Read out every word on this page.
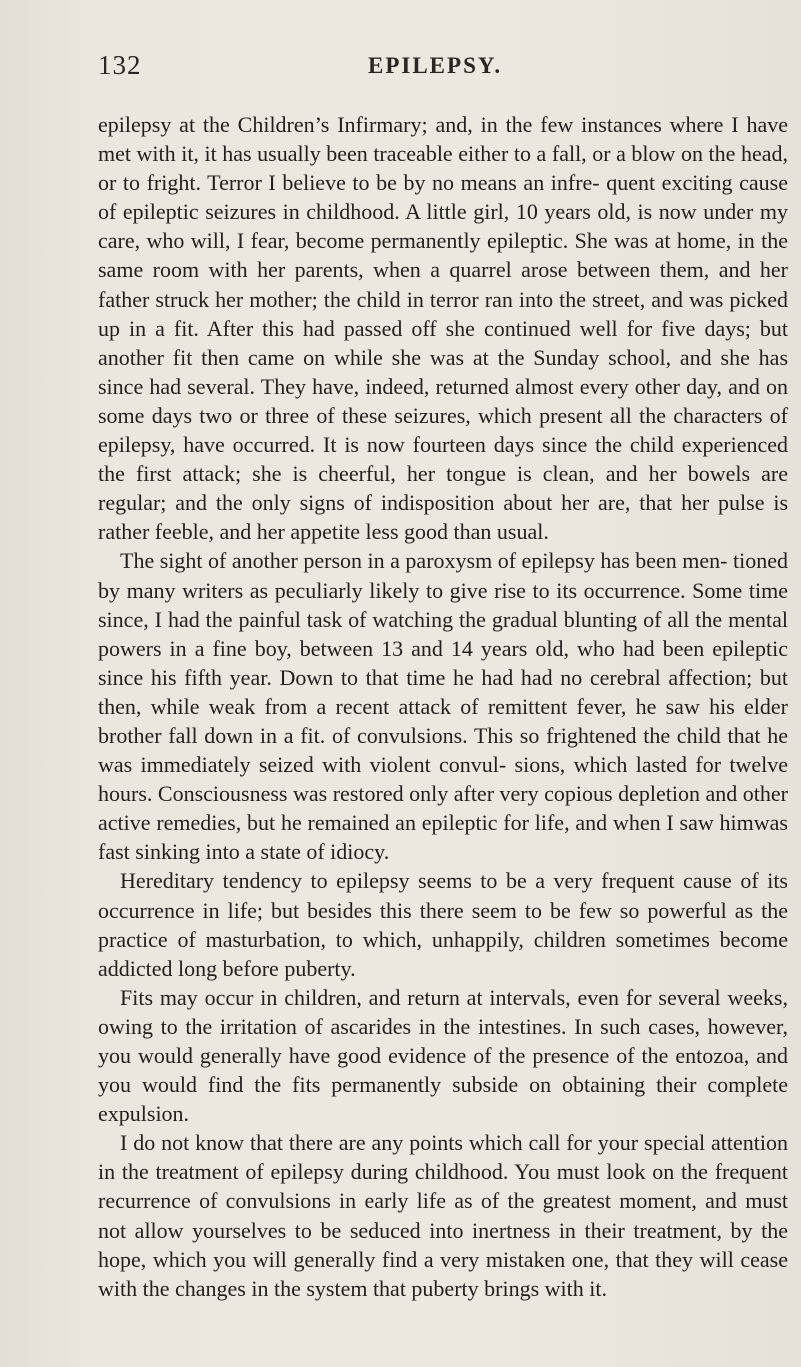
132	EPILEPSY.

epilepsy at the Children’s Infirmary; and, in the few instances where I have met with it, it has usually been traceable either to a fall, or a blow on the head, or to fright. Terror I believe to be by no means an infre- quent exciting cause of epileptic seizures in childhood. A little girl, 10 years old, is now under my care, who will, I fear, become permanently epileptic. She was at home, in the same room with her parents, when a quarrel arose between them, and her father struck her mother; the child in terror ran into the street, and was picked up in a fit. After this had passed off she continued well for five days; but another fit then came on while she was at the Sunday school, and she has since had several. They have, indeed, returned almost every other day, and on some days two or three of these seizures, which present all the characters of epilepsy, have occurred. It is now fourteen days since the child experienced the first attack; she is cheerful, her tongue is clean, and her bowels are regular; and the only signs of indisposition about her are, that her pulse is rather feeble, and her appetite less good than usual.

The sight of another person in a paroxysm of epilepsy has been men- tioned by many writers as peculiarly likely to give rise to its occurrence. Some time since, I had the painful task of watching the gradual blunting of all the mental powers in a fine boy, between 13 and 14 years old, who had been epileptic since his fifth year. Down to that time he had had no cerebral affection; but then, while weak from a recent attack of remittent fever, he saw his elder brother fall down in a fit. of convulsions. This so frightened the child that he was immediately seized with violent convul- sions, which lasted for twelve hours. Consciousness was restored only after very copious depletion and other active remedies, but he remained an epileptic for life, and when I saw himwas fast sinking into a state of idiocy.

Hereditary tendency to epilepsy seems to be a very frequent cause of its occurrence in life; but besides this there seem to be few so powerful as the practice of masturbation, to which, unhappily, children sometimes become addicted long before puberty.

Fits may occur in children, and return at intervals, even for several weeks, owing to the irritation of ascarides in the intestines. In such cases, however, you would generally have good evidence of the presence of the entozoa, and you would find the fits permanently subside on obtaining their complete expulsion.

I do not know that there are any points which call for your special attention in the treatment of epilepsy during childhood. You must look on the frequent recurrence of convulsions in early life as of the greatest moment, and must not allow yourselves to be seduced into inertness in their treatment, by the hope, which you will generally find a very mistaken one, that they will cease with the changes in the system that puberty brings with it.
